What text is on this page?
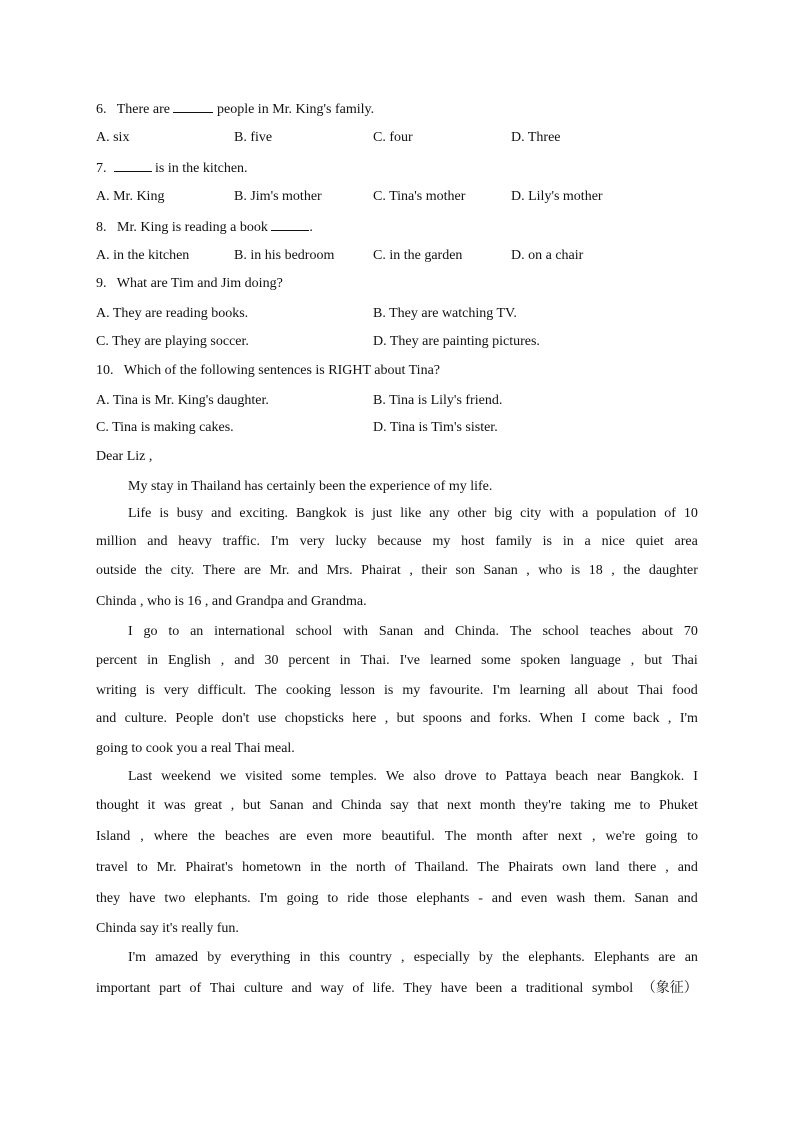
6. There are	people in Mr. King's family.
A. six	B. five	C. four	D. Three
7.	is in the kitchen.
A. Mr. King	B. Jim's mother	C. Tina's mother	D. Lily's mother
8. Mr. King is reading a book	.
A. in the kitchen	B. in his bedroom	C. in the garden	D. on a chair
9. What are Tim and Jim doing?
A. They are reading books.	B. They are watching TV.
C. They are playing soccer.	D. They are painting pictures.
10. Which of the following sentences is RIGHT about Tina?
A. Tina is Mr. King's daughter.	B. Tina is Lily's friend.
C. Tina is making cakes.	D. Tina is Tim's sister.
Dear Liz ,
My stay in Thailand has certainly been the experience of my life.
Life is busy and exciting. Bangkok is just like any other big city with a population of 10
million and heavy traffic. I'm very lucky because my host family is in a nice quiet area
outside the city. There are Mr. and Mrs. Phairat , their son Sanan , who is 18 , the daughter
Chinda , who is 16 , and Grandpa and Grandma.
I go to an international school with Sanan and Chinda. The school teaches about 70
percent in English , and 30 percent in Thai. I've learned some spoken language , but Thai
writing is very difficult. The cooking lesson is my favourite. I'm learning all about Thai food
and culture. People don't use chopsticks here , but spoons and forks. When I come back , I'm
going to cook you a real Thai meal.
Last weekend we visited some temples. We also drove to Pattaya beach near Bangkok. I
thought it was great , but Sanan and Chinda say that next month they're taking me to Phuket
Island , where the beaches are even more beautiful. The month after next , we're going to
travel to Mr. Phairat's hometown in the north of Thailand. The Phairats own land there , and
they have two elephants. I'm going to ride those elephants - and even wash them. Sanan and
Chinda say it's really fun.
I'm amazed by everything in this country , especially by the elephants. Elephants are an
important part of Thai culture and way of life. They have been a traditional symbol （象征）
